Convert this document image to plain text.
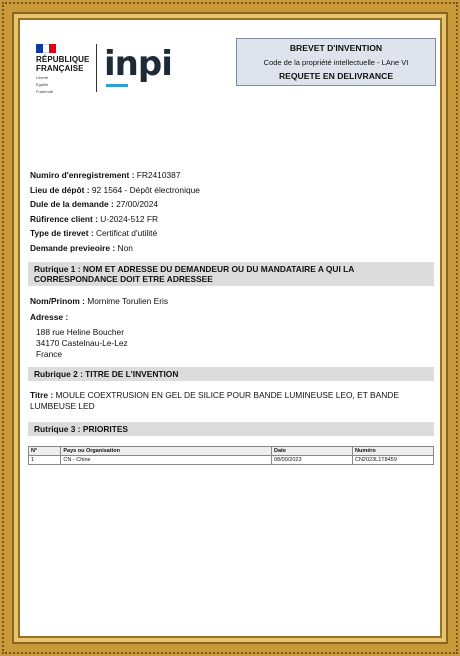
RÉPUBLIQUE
FRANÇAISE
Liberté
Égalité
Fraternité
inpi	BREVET D'INVENTION
Code de la propriété intellectuelle - LAne VI
REQUETE EN DELIVRANCE
Numiro d'enregistrement : FR2410387
Lieu de dépôt : 92 1564 - Dépôt électronique
Dule de la demande : 27/00/2024
Rüfirence client : U-2024-512 FR
Type de tirevet : Certificat d'utilité
Demande previeoire : Non
Rutrique 1 : NOM ET ADRESSE DU DEMANDEUR OU DU MANDATAIRE A QUI LA CORRESPONDANCE DOIT ETRE ADRESSEE
Nom/Prinom : Mornime Torulien Eris
Adresse :
188 rue Heline Boucher
34170 Castelnau-Le-Lez
France
Rubrique 2 : TITRE DE L'INVENTION
Titre : MOULE COEXTRUSION EN GEL DE SILICE POUR BANDE LUMINEUSE LEO, ET BANDE LUMBEUSE LED
Rutrique 3 : PRIORITES
N°	Pays ou Organisation	Date	Numéro
1	CN - Chine	08/00/2023	CN2023L1T8459
